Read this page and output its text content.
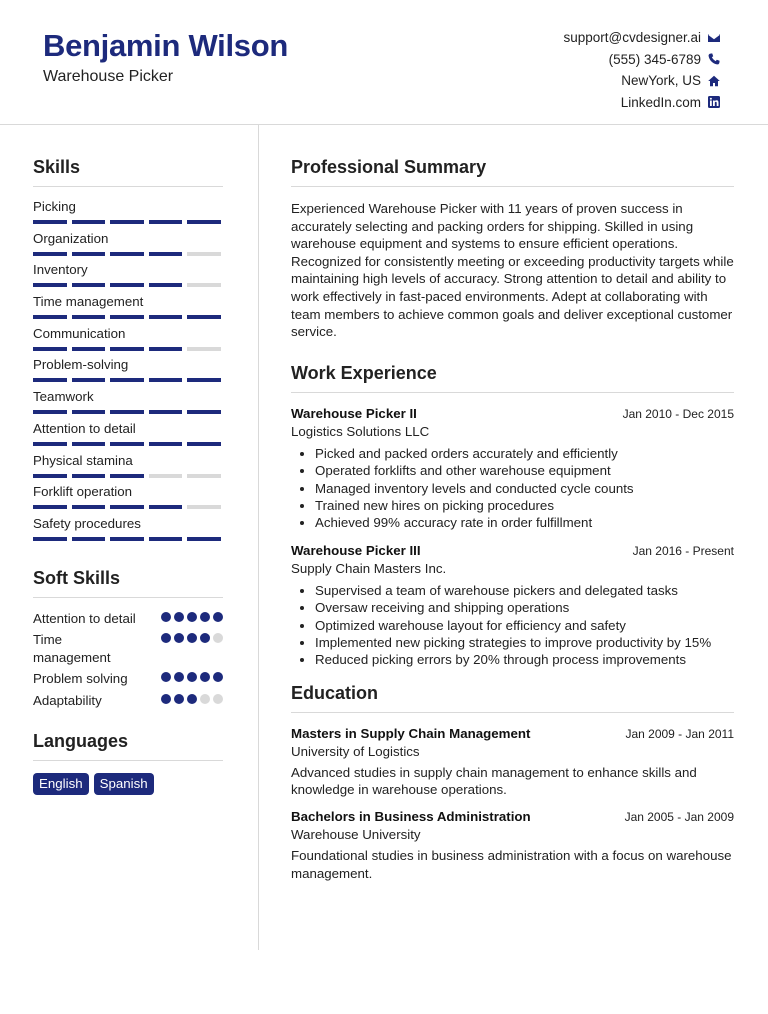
Benjamin Wilson
Warehouse Picker
support@cvdesigner.ai
(555) 345-6789
NewYork, US
LinkedIn.com
Skills
Picking
Organization
Inventory
Time management
Communication
Problem-solving
Teamwork
Attention to detail
Physical stamina
Forklift operation
Safety procedures
Soft Skills
Attention to detail
Time management
Problem solving
Adaptability
Languages
English	Spanish
Professional Summary
Experienced Warehouse Picker with 11 years of proven success in accurately selecting and packing orders for shipping. Skilled in using warehouse equipment and systems to ensure efficient operations. Recognized for consistently meeting or exceeding productivity targets while maintaining high levels of accuracy. Strong attention to detail and ability to work effectively in fast-paced environments. Adept at collaborating with team members to achieve common goals and deliver exceptional customer service.
Work Experience
Warehouse Picker II	Jan 2010 - Dec 2015
Logistics Solutions LLC
• Picked and packed orders accurately and efficiently
• Operated forklifts and other warehouse equipment
• Managed inventory levels and conducted cycle counts
• Trained new hires on picking procedures
• Achieved 99% accuracy rate in order fulfillment
Warehouse Picker III	Jan 2016 - Present
Supply Chain Masters Inc.
• Supervised a team of warehouse pickers and delegated tasks
• Oversaw receiving and shipping operations
• Optimized warehouse layout for efficiency and safety
• Implemented new picking strategies to improve productivity by 15%
• Reduced picking errors by 20% through process improvements
Education
Masters in Supply Chain Management	Jan 2009 - Jan 2011
University of Logistics
Advanced studies in supply chain management to enhance skills and knowledge in warehouse operations.
Bachelors in Business Administration	Jan 2005 - Jan 2009
Warehouse University
Foundational studies in business administration with a focus on warehouse management.
